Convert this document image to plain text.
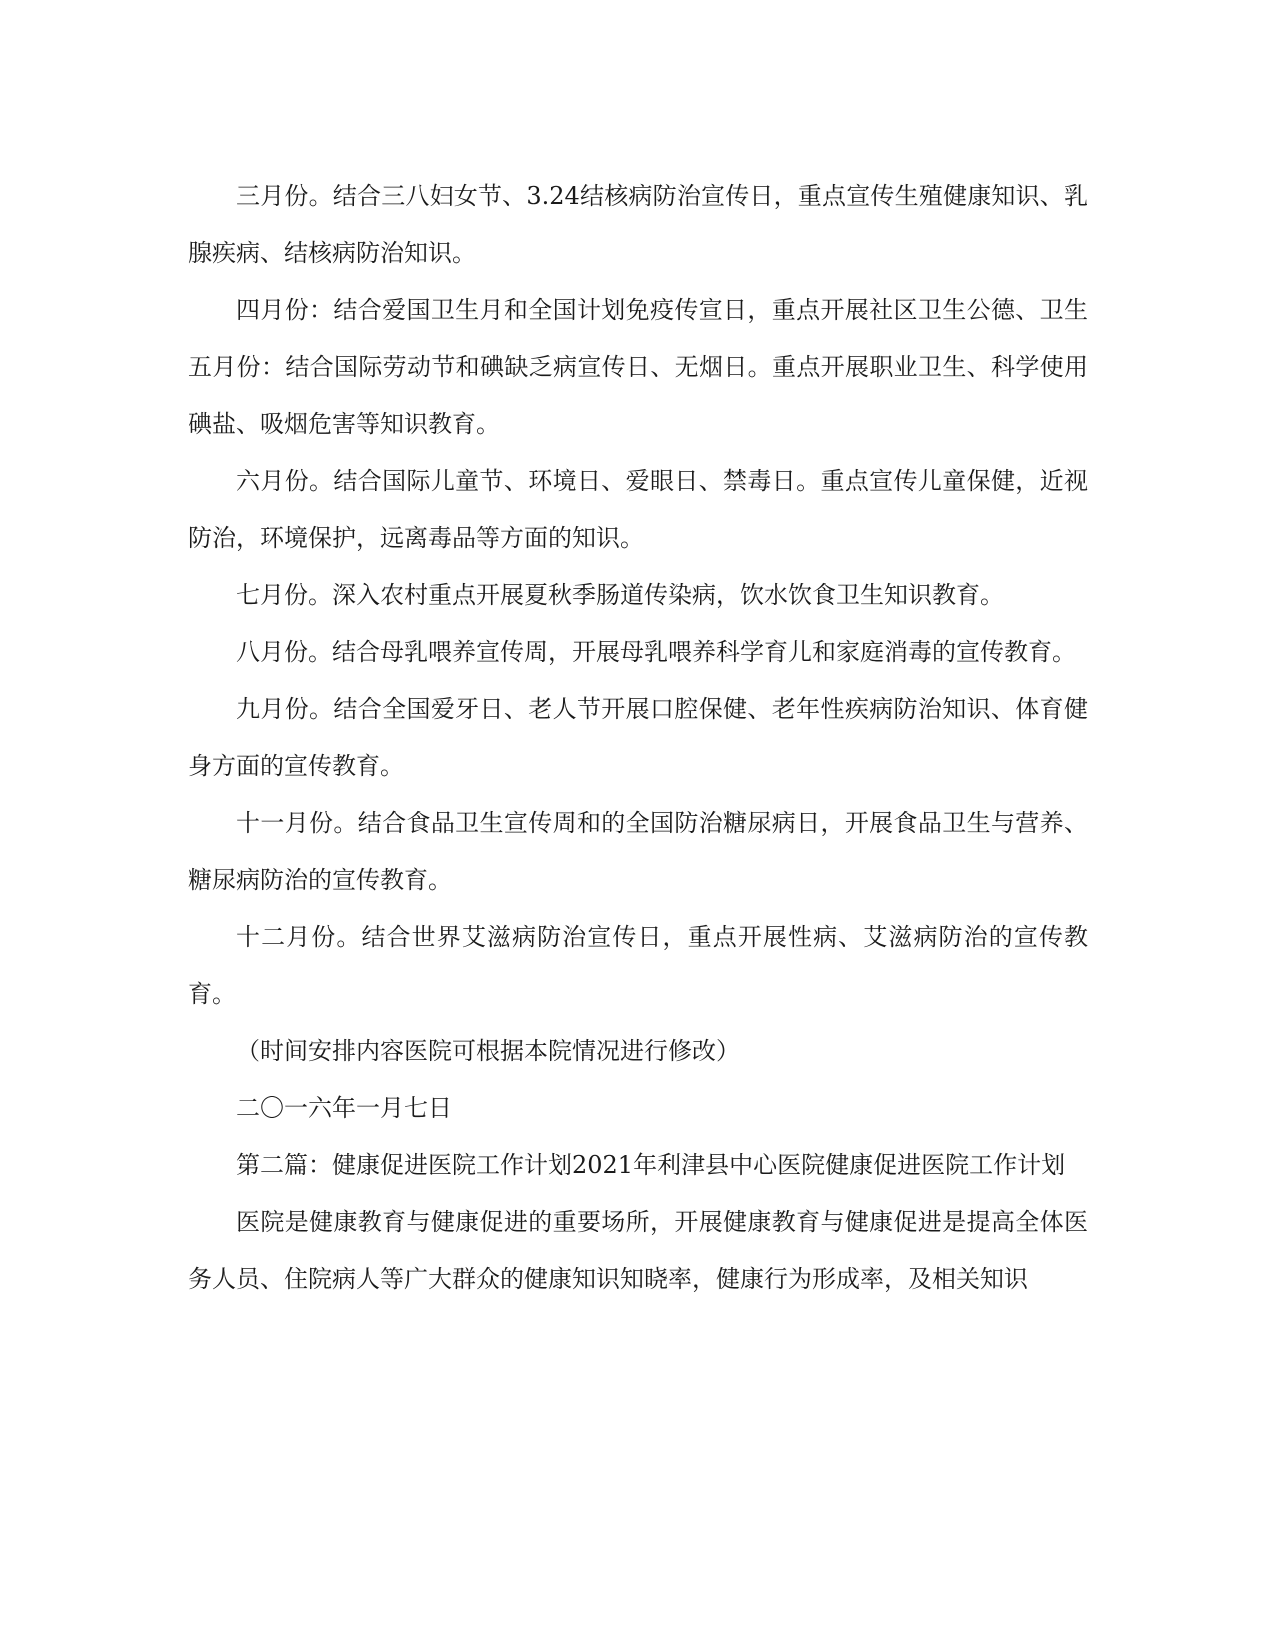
三月份。结合三八妇女节、3.24结核病防治宣传日，重点宣传生殖健康知识、乳腺疾病、结核病防治知识。

四月份：结合爱国卫生月和全国计划免疫传宣日，重点开展社区卫生公德、卫生五月份：结合国际劳动节和碘缺乏病宣传日、无烟日。重点开展职业卫生、科学使用碘盐、吸烟危害等知识教育。

六月份。结合国际儿童节、环境日、爱眼日、禁毒日。重点宣传儿童保健，近视防治，环境保护，远离毒品等方面的知识。

七月份。深入农村重点开展夏秋季肠道传染病，饮水饮食卫生知识教育。

八月份。结合母乳喂养宣传周，开展母乳喂养科学育儿和家庭消毒的宣传教育。

九月份。结合全国爱牙日、老人节开展口腔保健、老年性疾病防治知识、体育健身方面的宣传教育。

十一月份。结合食品卫生宣传周和的全国防治糖尿病日，开展食品卫生与营养、糖尿病防治的宣传教育。

十二月份。结合世界艾滋病防治宣传日，重点开展性病、艾滋病防治的宣传教育。

（时间安排内容医院可根据本院情况进行修改）

二〇一六年一月七日

第二篇：健康促进医院工作计划2021年利津县中心医院健康促进医院工作计划

医院是健康教育与健康促进的重要场所，开展健康教育与健康促进是提高全体医务人员、住院病人等广大群众的健康知识知晓率，健康行为形成率，及相关知识
